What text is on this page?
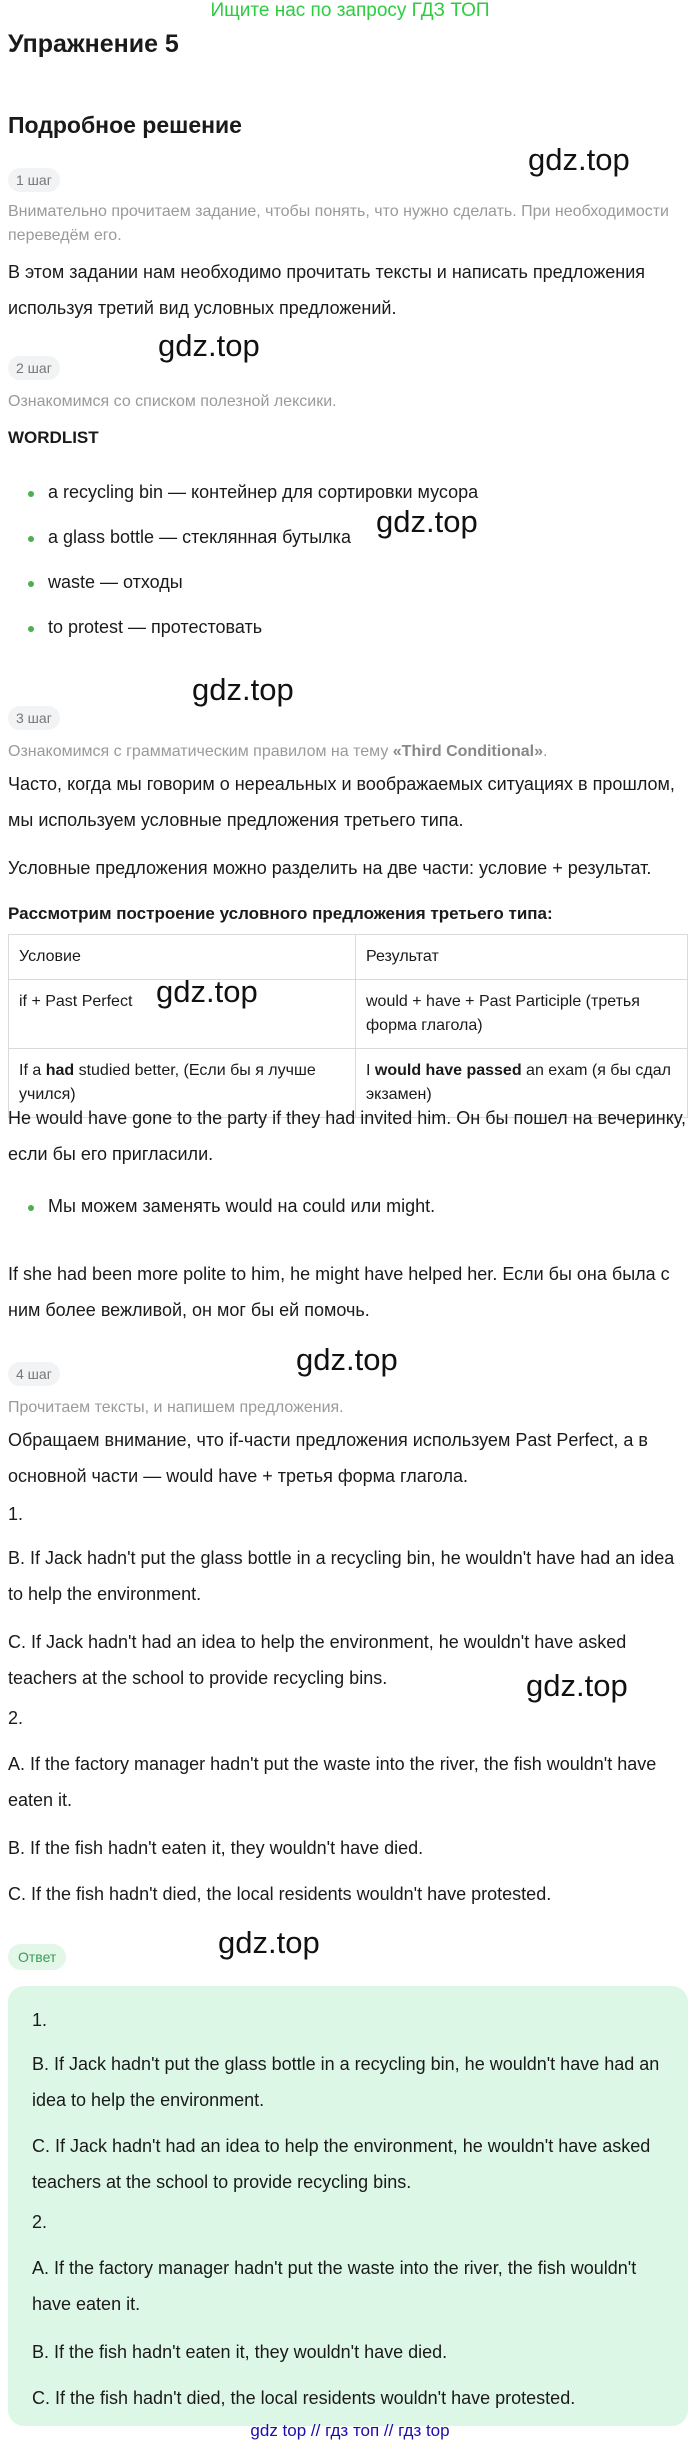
Ищите нас по запросу ГДЗ ТОП
Упражнение 5
Подробное решение
gdz.top
gdz.top
gdz.top
gdz.top
gdz.top
gdz.top
gdz.top
gdz.top
1 шаг
Внимательно прочитаем задание, чтобы понять, что нужно сделать. При необходимости переведём его.
В этом задании нам необходимо прочитать тексты и написать предложения используя третий вид условных предложений.
2 шаг
Ознакомимся со списком полезной лексики.
WORDLIST
a recycling bin — контейнер для сортировки мусора
a glass bottle — стеклянная бутылка
waste — отходы
to protest — протестовать
3 шаг
Ознакомимся с грамматическим правилом на тему «Third Conditional».
Часто, когда мы говорим о нереальных и воображаемых ситуациях в прошлом, мы используем условные предложения третьего типа.
Условные предложения можно разделить на две части: условие + результат.
Рассмотрим построение условного предложения третьего типа:
Условие	Результат
if + Past Perfect	would + have + Past Participle (третья форма глагола)
If a had studied better, (Если бы я лучше учился)	I would have passed an exam (я бы сдал экзамен)
He would have gone to the party if they had invited him. Он бы пошел на вечеринку, если бы его пригласили.
Мы можем заменять would на could или might.
If she had been more polite to him, he might have helped her. Если бы она была с ним более вежливой, он мог бы ей помочь.
4 шаг
Прочитаем тексты, и напишем предложения.
Обращаем внимание, что if-части предложения используем Past Perfect, а в основной части — would have + третья форма глагола.
1.
B. If Jack hadn't put the glass bottle in a recycling bin, he wouldn't have had an idea to help the environment.
C. If Jack hadn't had an idea to help the environment, he wouldn't have asked teachers at the school to provide recycling bins.
2.
A. If the factory manager hadn't put the waste into the river, the fish wouldn't have eaten it.
B. If the fish hadn't eaten it, they wouldn't have died.
C. If the fish hadn't died, the local residents wouldn't have protested.
Ответ
1.
B. If Jack hadn't put the glass bottle in a recycling bin, he wouldn't have had an idea to help the environment.
C. If Jack hadn't had an idea to help the environment, he wouldn't have asked teachers at the school to provide recycling bins.
2.
A. If the factory manager hadn't put the waste into the river, the fish wouldn't have eaten it.
B. If the fish hadn't eaten it, they wouldn't have died.
C. If the fish hadn't died, the local residents wouldn't have protested.
gdz top // гдз топ // гдз top
